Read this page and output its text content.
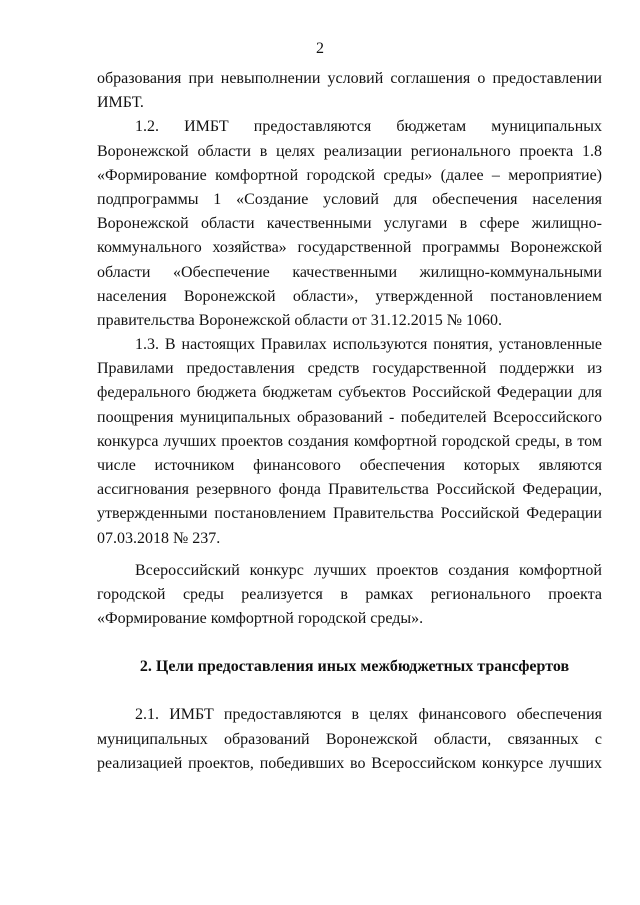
2
образования при невыполнении условий соглашения о предоставлении
ИМБТ.
1.2. ИМБТ предоставляются бюджетам муниципальных
Воронежской области в целях реализации регионального проекта 1.8
«Формирование комфортной городской среды» (далее – мероприятие)
подпрограммы 1 «Создание условий для обеспечения населения
Воронежской области качественными услугами в сфере жилищно-
коммунального хозяйства» государственной программы Воронежской
области «Обеспечение качественными жилищно-коммунальными
населения Воронежской области», утвержденной постановлением
правительства Воронежской области от 31.12.2015 № 1060.
1.3. В настоящих Правилах используются понятия, установленные
Правилами предоставления средств государственной поддержки из
федерального бюджета бюджетам субъектов Российской Федерации для
поощрения муниципальных образований - победителей Всероссийского
конкурса лучших проектов создания комфортной городской среды, в том
числе источником финансового обеспечения которых являются
ассигнования резервного фонда Правительства Российской Федерации,
утвержденными постановлением Правительства Российской Федерации
07.03.2018 № 237.
Всероссийский конкурс лучших проектов создания комфортной
городской среды реализуется в рамках регионального проекта
«Формирование комфортной городской среды».
2. Цели предоставления иных межбюджетных трансфертов
2.1. ИМБТ предоставляются в целях финансового обеспечения
муниципальных образований Воронежской области, связанных с
реализацией проектов, победивших во Всероссийском конкурсе лучших
